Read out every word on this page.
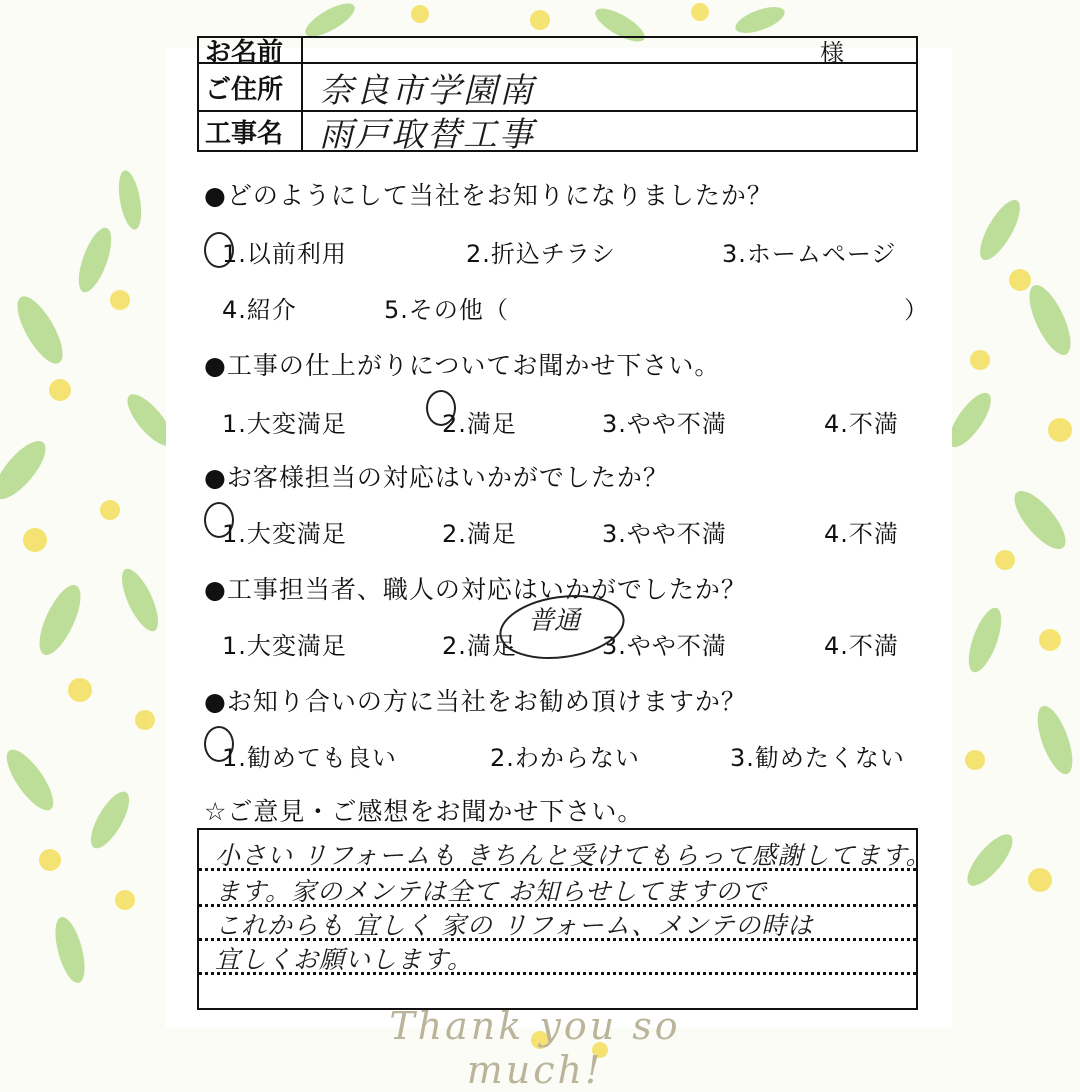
お名前	様
ご住所	奈良市学園南
工事名	雨戸取替工事
●どのようにして当社をお知りになりましたか？
1.以前利用	2.折込チラシ	3.ホームページ
4.紹介	5.その他（	）
●工事の仕上がりについてお聞かせ下さい。
1.大変満足	2.満足	3.やや不満	4.不満
●お客様担当の対応はいかがでしたか？
1.大変満足	2.満足	3.やや不満	4.不満
●工事担当者、職人の対応はいかがでしたか？
1.大変満足	2.満足	3.やや不満	4.不満
普通
●お知り合いの方に当社をお勧め頂けますか？
1.勧めても良い	2.わからない	3.勧めたくない
☆ご意見・ご感想をお聞かせ下さい。
小さい リフォームも きちんと受けてもらって感謝してます。
ます。家のメンテは全て お知らせしてますので
これからも 宜しく 家の リフォーム、メンテの時は
宜しくお願いします。
Thank you so much!
